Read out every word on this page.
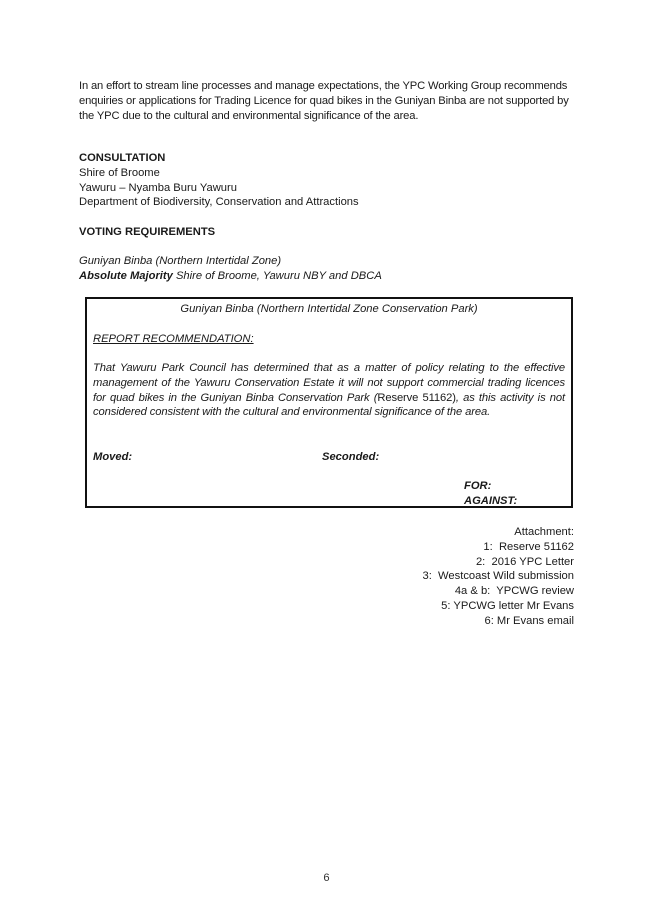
In an effort to stream line processes and manage expectations, the YPC Working Group recommends enquiries or applications for Trading Licence for quad bikes in the Guniyan Binba are not supported by the YPC due to the cultural and environmental significance of the area.
CONSULTATION
Shire of Broome
Yawuru – Nyamba Buru Yawuru
Department of Biodiversity, Conservation and Attractions
VOTING REQUIREMENTS
Guniyan Binba (Northern Intertidal Zone)
Absolute Majority Shire of Broome, Yawuru NBY and DBCA
Guniyan Binba (Northern Intertidal Zone Conservation Park)
REPORT RECOMMENDATION:
That Yawuru Park Council has determined that as a matter of policy relating to the effective management of the Yawuru Conservation Estate it will not support commercial trading licences for quad bikes in the Guniyan Binba Conservation Park (Reserve 51162), as this activity is not considered consistent with the cultural and environmental significance of the area.
Moved:	Seconded:
FOR:
AGAINST:
Attachment:
1:  Reserve 51162
2:  2016 YPC Letter
3:  Westcoast Wild submission
4a & b:  YPCWG review
5: YPCWG letter Mr Evans
6: Mr Evans email
6
